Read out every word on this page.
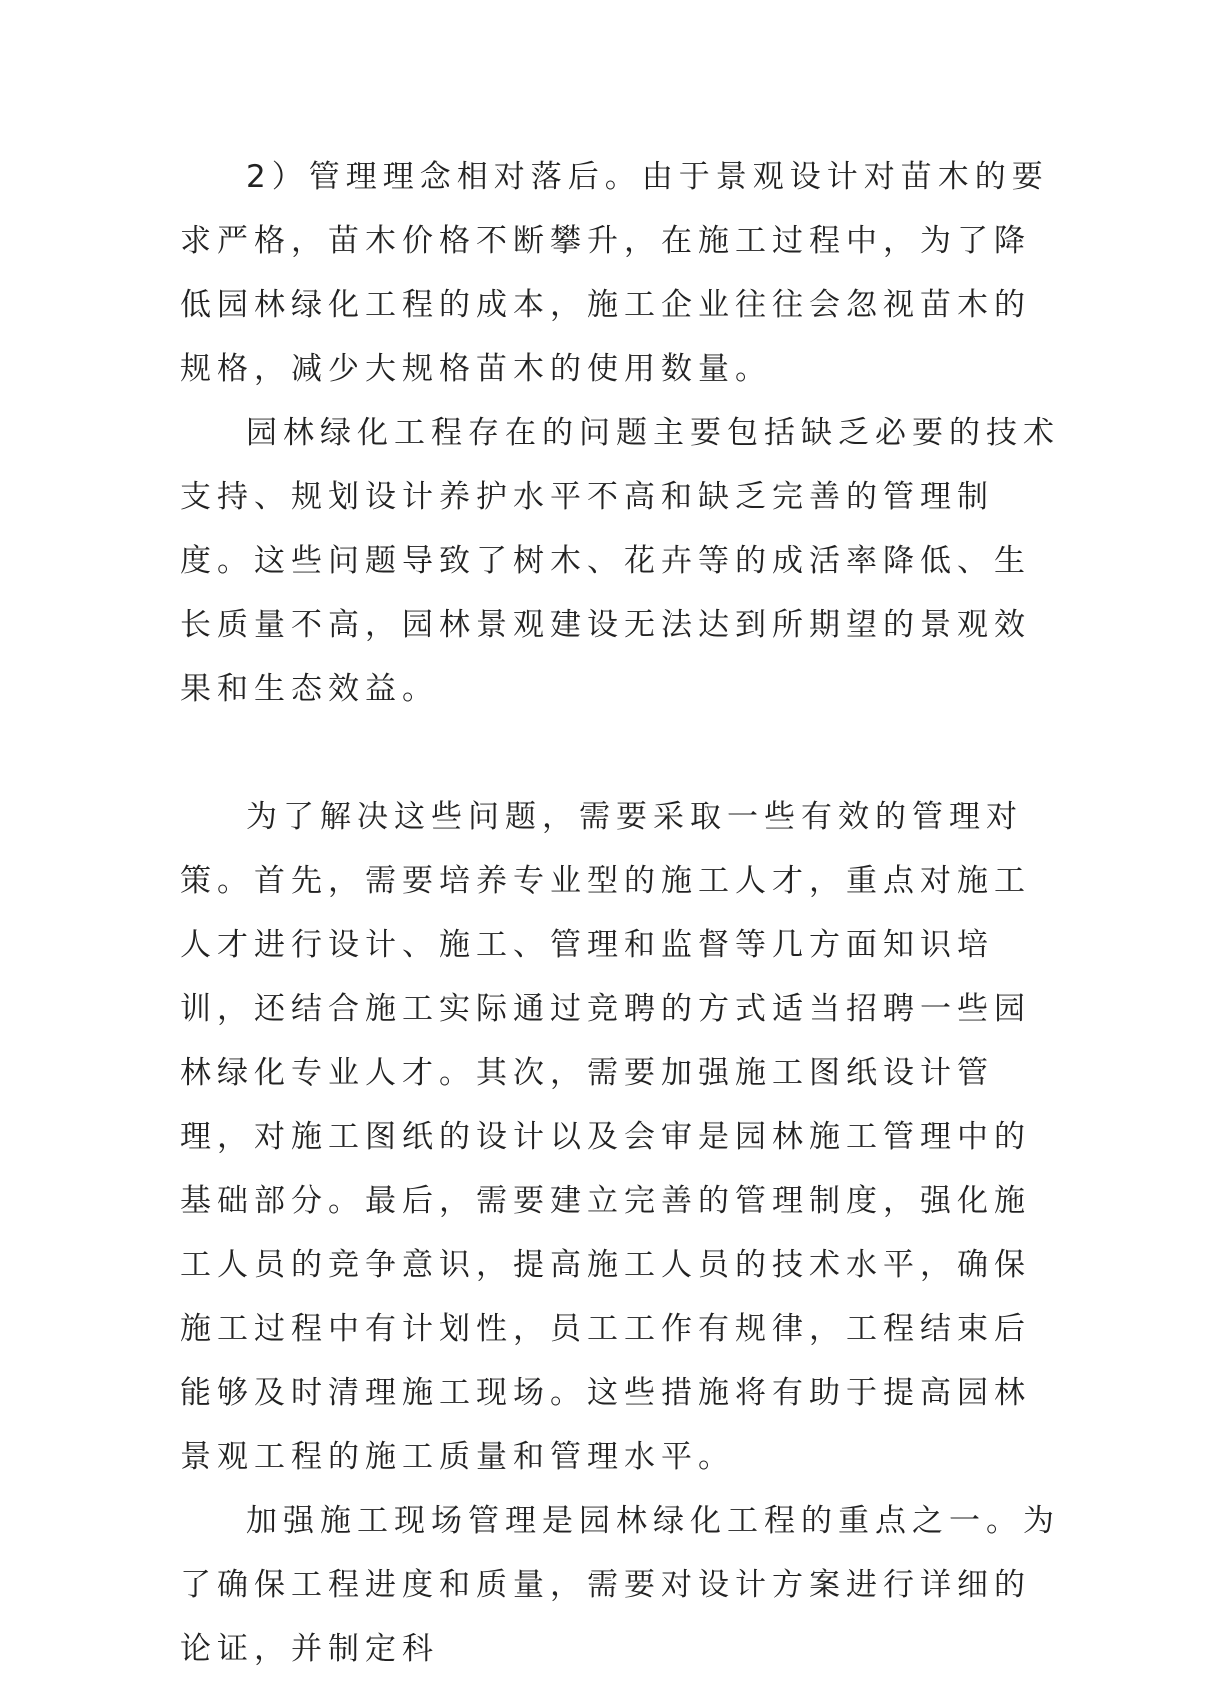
2）管理理念相对落后。由于景观设计对苗木的要求严格，苗木价格不断攀升，在施工过程中，为了降低园林绿化工程的成本，施工企业往往会忽视苗木的规格，减少大规格苗木的使用数量。

园林绿化工程存在的问题主要包括缺乏必要的技术支持、规划设计养护水平不高和缺乏完善的管理制度。这些问题导致了树木、花卉等的成活率降低、生长质量不高，园林景观建设无法达到所期望的景观效果和生态效益。

为了解决这些问题，需要采取一些有效的管理对策。首先，需要培养专业型的施工人才，重点对施工人才进行设计、施工、管理和监督等几方面知识培训，还结合施工实际通过竞聘的方式适当招聘一些园林绿化专业人才。其次，需要加强施工图纸设计管理，对施工图纸的设计以及会审是园林施工管理中的基础部分。最后，需要建立完善的管理制度，强化施工人员的竞争意识，提高施工人员的技术水平，确保施工过程中有计划性，员工工作有规律，工程结束后能够及时清理施工现场。这些措施将有助于提高园林景观工程的施工质量和管理水平。

加强施工现场管理是园林绿化工程的重点之一。为了确保工程进度和质量，需要对设计方案进行详细的论证，并制定科
